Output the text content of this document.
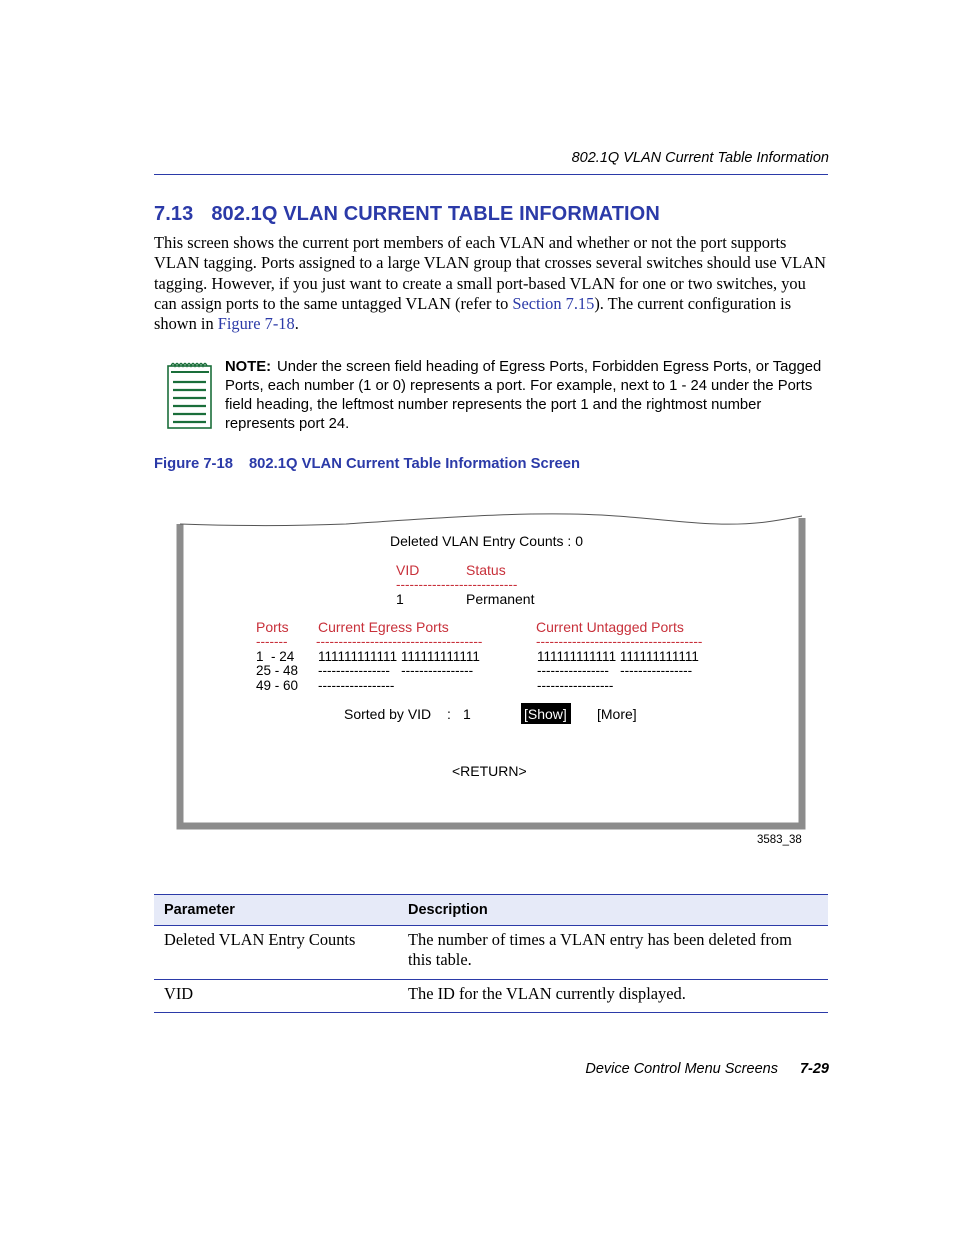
802.1Q VLAN Current Table Information
7.13 802.1Q VLAN CURRENT TABLE INFORMATION
This screen shows the current port members of each VLAN and whether or not the port supports VLAN tagging. Ports assigned to a large VLAN group that crosses several switches should use VLAN tagging. However, if you just want to create a small port-based VLAN for one or two switches, you can assign ports to the same untagged VLAN (refer to Section 7.15). The current configuration is shown in Figure 7-18.
NOTE: Under the screen field heading of Egress Ports, Forbidden Egress Ports, or Tagged Ports, each number (1 or 0) represents a port. For example, next to 1 - 24 under the Ports field heading, the leftmost number represents the port 1 and the rightmost number represents port 24.
Figure 7-18 802.1Q VLAN Current Table Information Screen
Deleted VLAN Entry Counts : 0
VID	Status
---------------------------
1	Permanent
Ports Current Egress Ports	Current Untagged Ports
------- -------------------------------------	-------------------------------------
1  - 24 111111111111 111111111111	111111111111 111111111111
25 - 48 ----------------   ----------------	----------------   ----------------
49 - 60 -----------------	-----------------
Sorted by VID : 1	[Show] [More]
<RETURN>
3583_38
Parameter	Description
Deleted VLAN Entry Counts	The number of times a VLAN entry has been deleted from this table.
VID	The ID for the VLAN currently displayed.
Device Control Menu Screens 7-29
